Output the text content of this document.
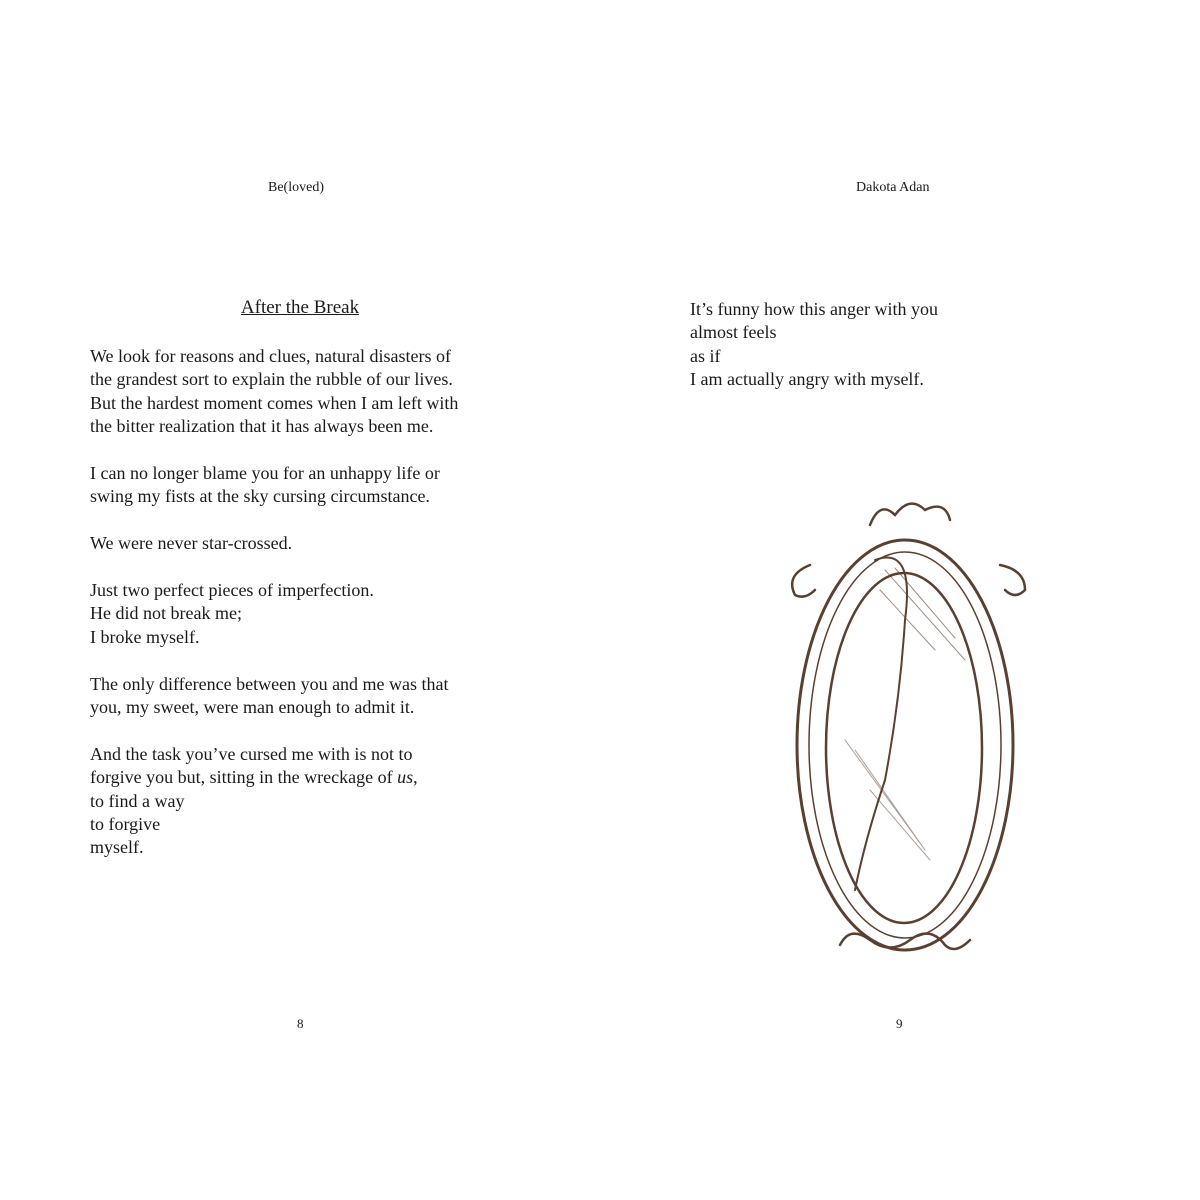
Be(loved)	Dakota Adan
After the Break

We look for reasons and clues, natural disasters of
the grandest sort to explain the rubble of our lives.
But the hardest moment comes when I am left with
the bitter realization that it has always been me.

I can no longer blame you for an unhappy life or
swing my fists at the sky cursing circumstance.

We were never star-crossed.

Just two perfect pieces of imperfection.
He did not break me;
I broke myself.

The only difference between you and me was that
you, my sweet, were man enough to admit it.

And the task you’ve cursed me with is not to
forgive you but, sitting in the wreckage of us,
to find a way
to forgive
myself.

It’s funny how this anger with you
almost feels
as if
I am actually angry with myself.
8	9
